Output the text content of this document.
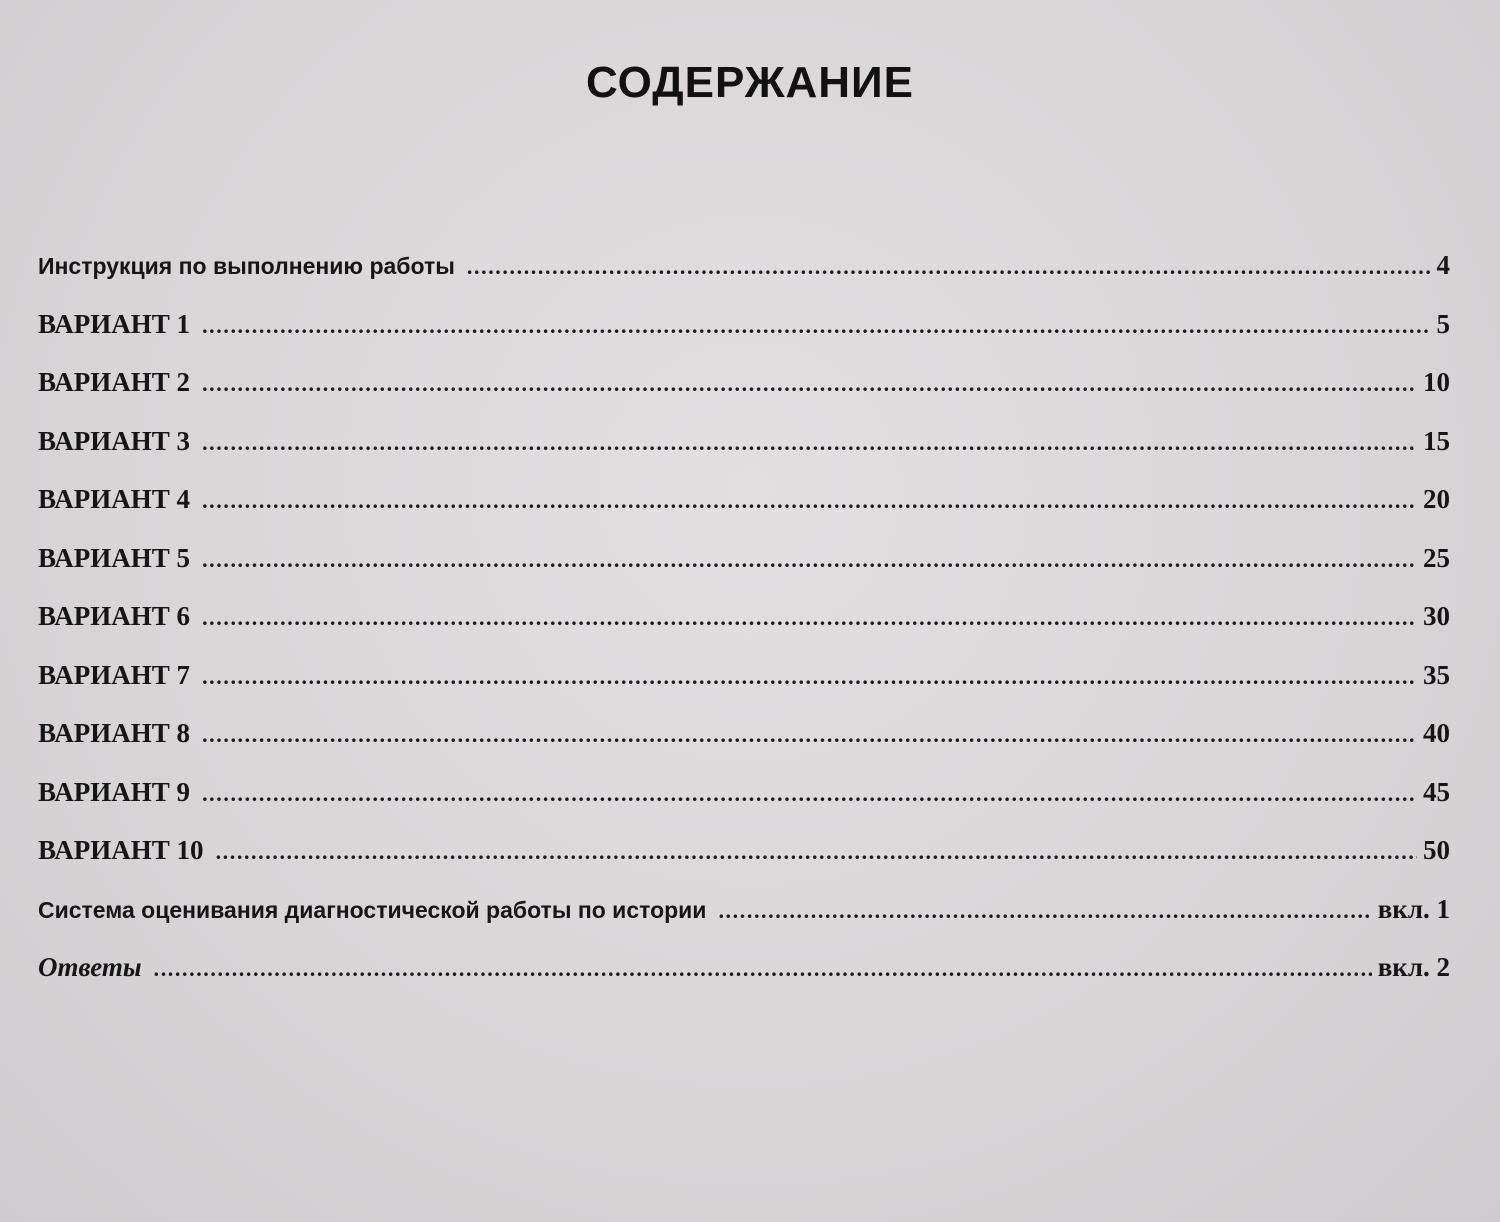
СОДЕРЖАНИЕ
Инструкция по выполнению работы .....	4
ВАРИАНТ 1 .....	5
ВАРИАНТ 2 .....	10
ВАРИАНТ 3 .....	15
ВАРИАНТ 4 .....	20
ВАРИАНТ 5 .....	25
ВАРИАНТ 6 .....	30
ВАРИАНТ 7 .....	35
ВАРИАНТ 8 .....	40
ВАРИАНТ 9 .....	45
ВАРИАНТ 10 .....	50
Система оценивания диагностической работы по истории .....	вкл. 1
Ответы .....	вкл. 2
